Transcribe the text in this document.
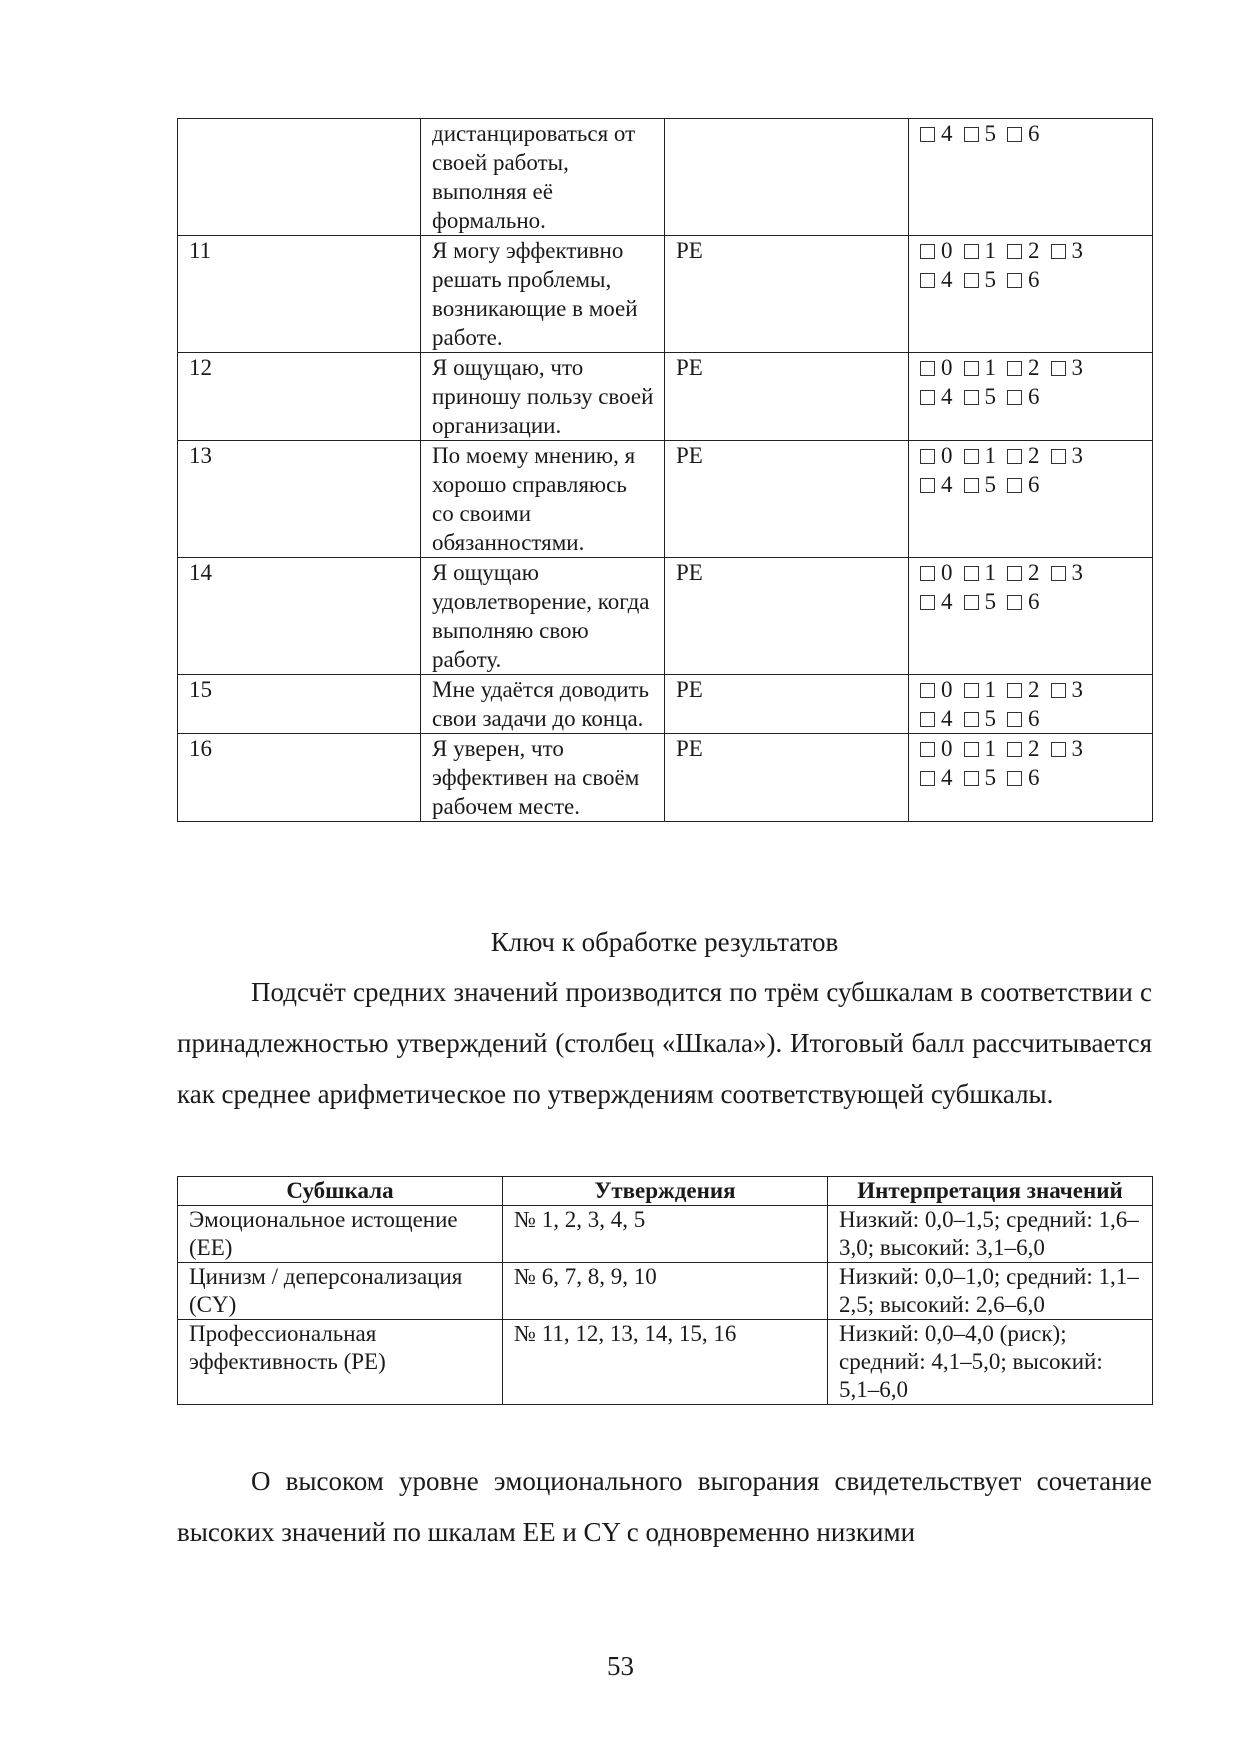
	дистанцироваться от своей работы, выполняя её формально.		4 5 6

11	Я могу эффективно решать проблемы, возникающие в моей работе.	PE	0 1 2 3
4 5 6

12	Я ощущаю, что приношу пользу своей организации.	PE	0 1 2 3
4 5 6

13	По моему мнению, я хорошо справляюсь со своими обязанностями.	PE	0 1 2 3
4 5 6

14	Я ощущаю удовлетворение, когда выполняю свою работу.	PE	0 1 2 3
4 5 6

15	Мне удаётся доводить свои задачи до конца.	PE	0 1 2 3
4 5 6

16	Я уверен, что эффективен на своём рабочем месте.	PE	0 1 2 3
4 5 6
Ключ к обработке результатов
Подсчёт средних значений производится по трём субшкалам в соответствии с принадлежностью утверждений (столбец «Шкала»). Итоговый балл рассчитывается как среднее арифметическое по утверждениям соответствующей субшкалы.
Субшкала	Утверждения	Интерпретация значений
Эмоциональное истощение (EE)	№ 1, 2, 3, 4, 5	Низкий: 0,0–1,5; средний: 1,6–3,0; высокий: 3,1–6,0
Цинизм / деперсонализация (CY)	№ 6, 7, 8, 9, 10	Низкий: 0,0–1,0; средний: 1,1–2,5; высокий: 2,6–6,0
Профессиональная эффективность (PE)	№ 11, 12, 13, 14, 15, 16	Низкий: 0,0–4,0 (риск); средний: 4,1–5,0; высокий: 5,1–6,0
О высоком уровне эмоционального выгорания свидетельствует сочетание высоких значений по шкалам EE и CY с одновременно низкими
53
